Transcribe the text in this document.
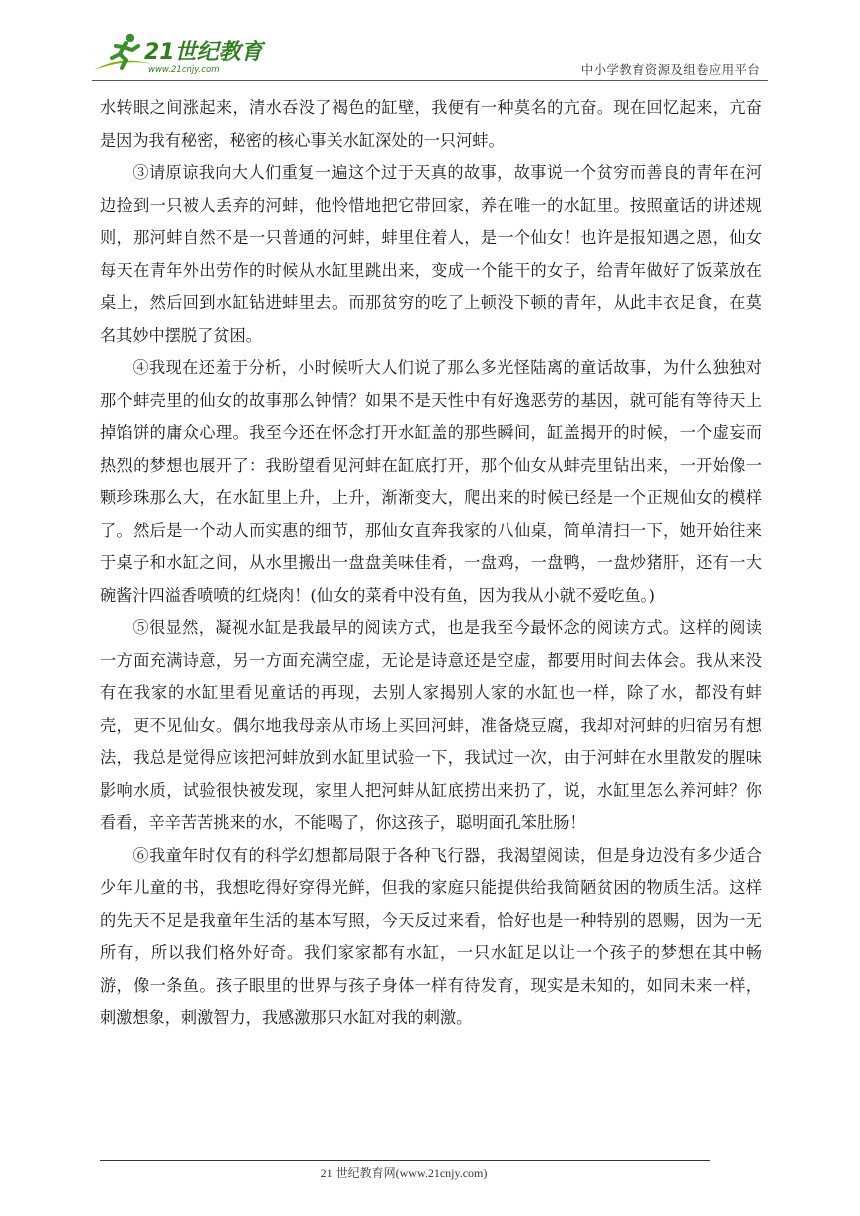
21世纪教育
www.21cnjy.com	中小学教育资源及组卷应用平台

水转眼之间涨起来，清水吞没了褐色的缸壁，我便有一种莫名的亢奋。现在回忆起来，亢奋是因为我有秘密，秘密的核心事关水缸深处的一只河蚌。

③请原谅我向大人们重复一遍这个过于天真的故事，故事说一个贫穷而善良的青年在河边捡到一只被人丢弃的河蚌，他怜惜地把它带回家，养在唯一的水缸里。按照童话的讲述规则，那河蚌自然不是一只普通的河蚌，蚌里住着人，是一个仙女！也许是报知遇之恩，仙女每天在青年外出劳作的时候从水缸里跳出来，变成一个能干的女子，给青年做好了饭菜放在桌上，然后回到水缸钻进蚌里去。而那贫穷的吃了上顿没下顿的青年，从此丰衣足食，在莫名其妙中摆脱了贫困。

④我现在还羞于分析，小时候听大人们说了那么多光怪陆离的童话故事，为什么独独对那个蚌壳里的仙女的故事那么钟情？如果不是天性中有好逸恶劳的基因，就可能有等待天上掉馅饼的庸众心理。我至今还在怀念打开水缸盖的那些瞬间，缸盖揭开的时候，一个虚妄而热烈的梦想也展开了：我盼望看见河蚌在缸底打开，那个仙女从蚌壳里钻出来，一开始像一颗珍珠那么大，在水缸里上升，上升，渐渐变大，爬出来的时候已经是一个正规仙女的模样了。然后是一个动人而实惠的细节，那仙女直奔我家的八仙桌，简单清扫一下，她开始往来于桌子和水缸之间，从水里搬出一盘盘美味佳肴，一盘鸡，一盘鸭，一盘炒猪肝，还有一大碗酱汁四溢香喷喷的红烧肉！(仙女的菜肴中没有鱼，因为我从小就不爱吃鱼。)

⑤很显然，凝视水缸是我最早的阅读方式，也是我至今最怀念的阅读方式。这样的阅读一方面充满诗意，另一方面充满空虚，无论是诗意还是空虚，都要用时间去体会。我从来没有在我家的水缸里看见童话的再现，去别人家揭别人家的水缸也一样，除了水，都没有蚌壳，更不见仙女。偶尔地我母亲从市场上买回河蚌，准备烧豆腐，我却对河蚌的归宿另有想法，我总是觉得应该把河蚌放到水缸里试验一下，我试过一次，由于河蚌在水里散发的腥味影响水质，试验很快被发现，家里人把河蚌从缸底捞出来扔了，说，水缸里怎么养河蚌？你看看，辛辛苦苦挑来的水，不能喝了，你这孩子，聪明面孔笨肚肠！

⑥我童年时仅有的科学幻想都局限于各种飞行器，我渴望阅读，但是身边没有多少适合少年儿童的书，我想吃得好穿得光鲜，但我的家庭只能提供给我简陋贫困的物质生活。这样的先天不足是我童年生活的基本写照，今天反过来看，恰好也是一种特别的恩赐，因为一无所有，所以我们格外好奇。我们家家都有水缸，一只水缸足以让一个孩子的梦想在其中畅游，像一条鱼。孩子眼里的世界与孩子身体一样有待发育，现实是未知的，如同未来一样，刺激想象，刺激智力，我感激那只水缸对我的刺激。

21 世纪教育网(www.21cnjy.com)
